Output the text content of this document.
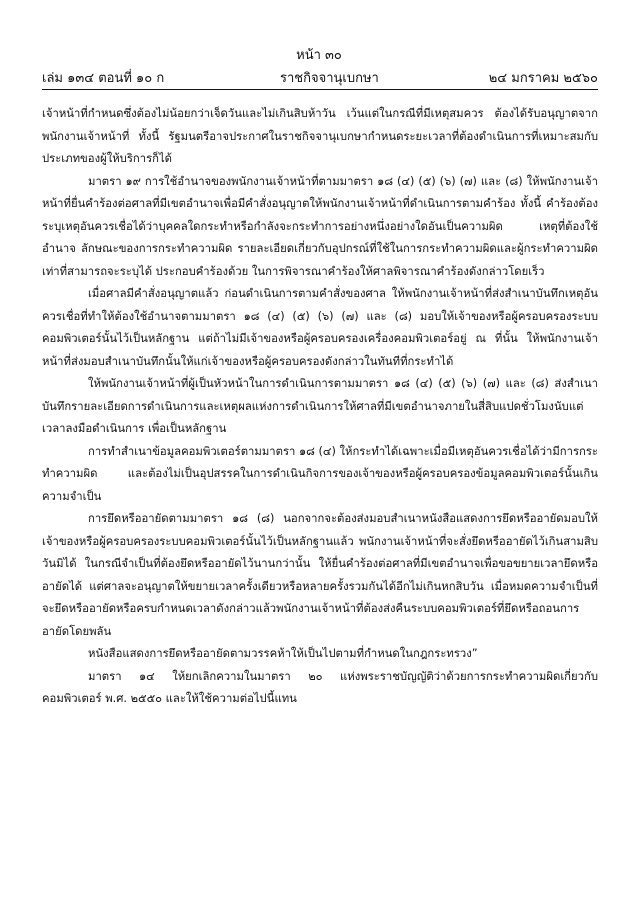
หน้า ๓๐
เล่ม ๑๓๔ ตอนที่ ๑๐ ก	ราชกิจจานุเบกษา	๒๔ มกราคม ๒๕๖๐

เจ้าหน้าที่กำหนดซึ่งต้องไม่น้อยกว่าเจ็ดวันและไม่เกินสิบห้าวัน เว้นแต่ในกรณีที่มีเหตุสมควร ต้องได้รับอนุญาตจากพนักงานเจ้าหน้าที่ ทั้งนี้ รัฐมนตรีอาจประกาศในราชกิจจานุเบกษากำหนดระยะเวลาที่ต้องดำเนินการที่เหมาะสมกับประเภทของผู้ให้บริการก็ได้

มาตรา ๑๙ การใช้อำนาจของพนักงานเจ้าหน้าที่ตามมาตรา ๑๘ (๔) (๕) (๖) (๗) และ (๘) ให้พนักงานเจ้าหน้าที่ยื่นคำร้องต่อศาลที่มีเขตอำนาจเพื่อมีคำสั่งอนุญาตให้พนักงานเจ้าหน้าที่ดำเนินการตามคำร้อง ทั้งนี้ คำร้องต้องระบุเหตุอันควรเชื่อได้ว่าบุคคลใดกระทำหรือกำลังจะกระทำการอย่างหนึ่งอย่างใดอันเป็นความผิด เหตุที่ต้องใช้อำนาจ ลักษณะของการกระทำความผิด รายละเอียดเกี่ยวกับอุปกรณ์ที่ใช้ในการกระทำความผิดและผู้กระทำความผิด เท่าที่สามารถจะระบุได้ ประกอบคำร้องด้วย ในการพิจารณาคำร้องให้ศาลพิจารณาคำร้องดังกล่าวโดยเร็ว

เมื่อศาลมีคำสั่งอนุญาตแล้ว ก่อนดำเนินการตามคำสั่งของศาล ให้พนักงานเจ้าหน้าที่ส่งสำเนาบันทึกเหตุอันควรเชื่อที่ทำให้ต้องใช้อำนาจตามมาตรา ๑๘ (๔) (๕) (๖) (๗) และ (๘) มอบให้เจ้าของหรือผู้ครอบครองระบบคอมพิวเตอร์นั้นไว้เป็นหลักฐาน แต่ถ้าไม่มีเจ้าของหรือผู้ครอบครองเครื่องคอมพิวเตอร์อยู่ ณ ที่นั้น ให้พนักงานเจ้าหน้าที่ส่งมอบสำเนาบันทึกนั้นให้แก่เจ้าของหรือผู้ครอบครองดังกล่าวในทันทีที่กระทำได้

ให้พนักงานเจ้าหน้าที่ผู้เป็นหัวหน้าในการดำเนินการตามมาตรา ๑๘ (๔) (๕) (๖) (๗) และ (๘) ส่งสำเนาบันทึกรายละเอียดการดำเนินการและเหตุผลแห่งการดำเนินการให้ศาลที่มีเขตอำนาจภายในสี่สิบแปดชั่วโมงนับแต่เวลาลงมือดำเนินการ เพื่อเป็นหลักฐาน

การทำสำเนาข้อมูลคอมพิวเตอร์ตามมาตรา ๑๘ (๔) ให้กระทำได้เฉพาะเมื่อมีเหตุอันควรเชื่อได้ว่ามีการกระทำความผิด และต้องไม่เป็นอุปสรรคในการดำเนินกิจการของเจ้าของหรือผู้ครอบครองข้อมูลคอมพิวเตอร์นั้นเกินความจำเป็น

การยึดหรืออายัดตามมาตรา ๑๘ (๘) นอกจากจะต้องส่งมอบสำเนาหนังสือแสดงการยึดหรืออายัดมอบให้เจ้าของหรือผู้ครอบครองระบบคอมพิวเตอร์นั้นไว้เป็นหลักฐานแล้ว พนักงานเจ้าหน้าที่จะสั่งยึดหรืออายัดไว้เกินสามสิบวันมิได้ ในกรณีจำเป็นที่ต้องยึดหรืออายัดไว้นานกว่านั้น ให้ยื่นคำร้องต่อศาลที่มีเขตอำนาจเพื่อขอขยายเวลายึดหรืออายัดได้ แต่ศาลจะอนุญาตให้ขยายเวลาครั้งเดียวหรือหลายครั้งรวมกันได้อีกไม่เกินหกสิบวัน เมื่อหมดความจำเป็นที่จะยึดหรืออายัดหรือครบกำหนดเวลาดังกล่าวแล้วพนักงานเจ้าหน้าที่ต้องส่งคืนระบบคอมพิวเตอร์ที่ยึดหรือถอนการอายัดโดยพลัน

หนังสือแสดงการยึดหรืออายัดตามวรรคห้าให้เป็นไปตามที่กำหนดในกฎกระทรวง”

มาตรา ๑๔ ให้ยกเลิกความในมาตรา ๒๐ แห่งพระราชบัญญัติว่าด้วยการกระทำความผิดเกี่ยวกับคอมพิวเตอร์ พ.ศ. ๒๕๕๐ และให้ใช้ความต่อไปนี้แทน
